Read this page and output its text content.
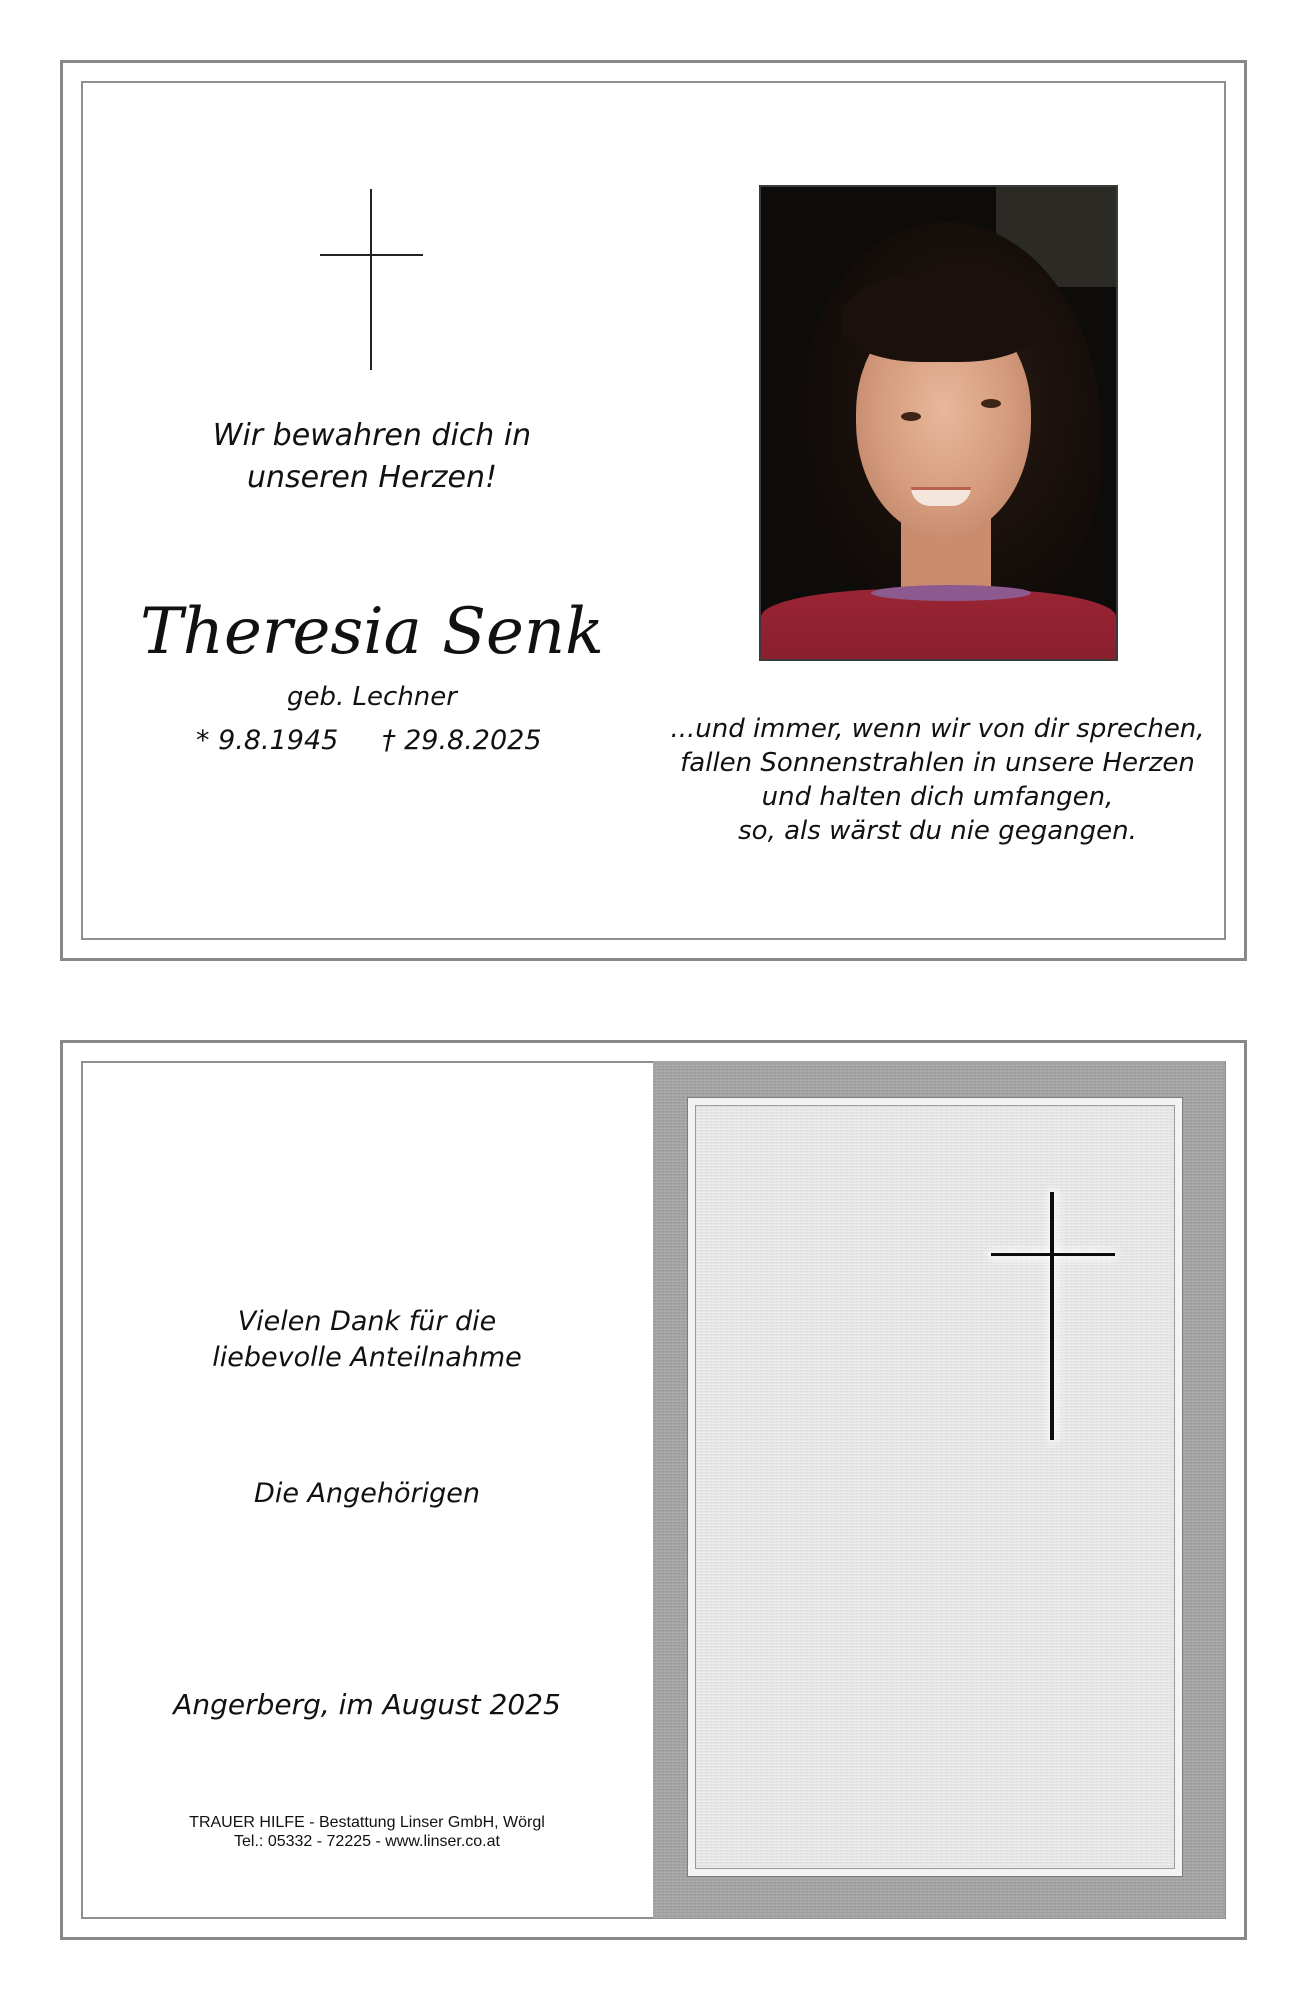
Wir bewahren dich in
unseren Herzen!
Theresia Senk
geb. Lechner
* 9.8.1945 † 29.8.2025	...und immer, wenn wir von dir sprechen,
fallen Sonnenstrahlen in unsere Herzen
und halten dich umfangen,
so, als wärst du nie gegangen.
Vielen Dank für die
liebevolle Anteilnahme
Die Angehörigen
Angerberg, im August 2025
TRAUER HILFE - Bestattung Linser GmbH, Wörgl
Tel.: 05332 - 72225 - www.linser.co.at
